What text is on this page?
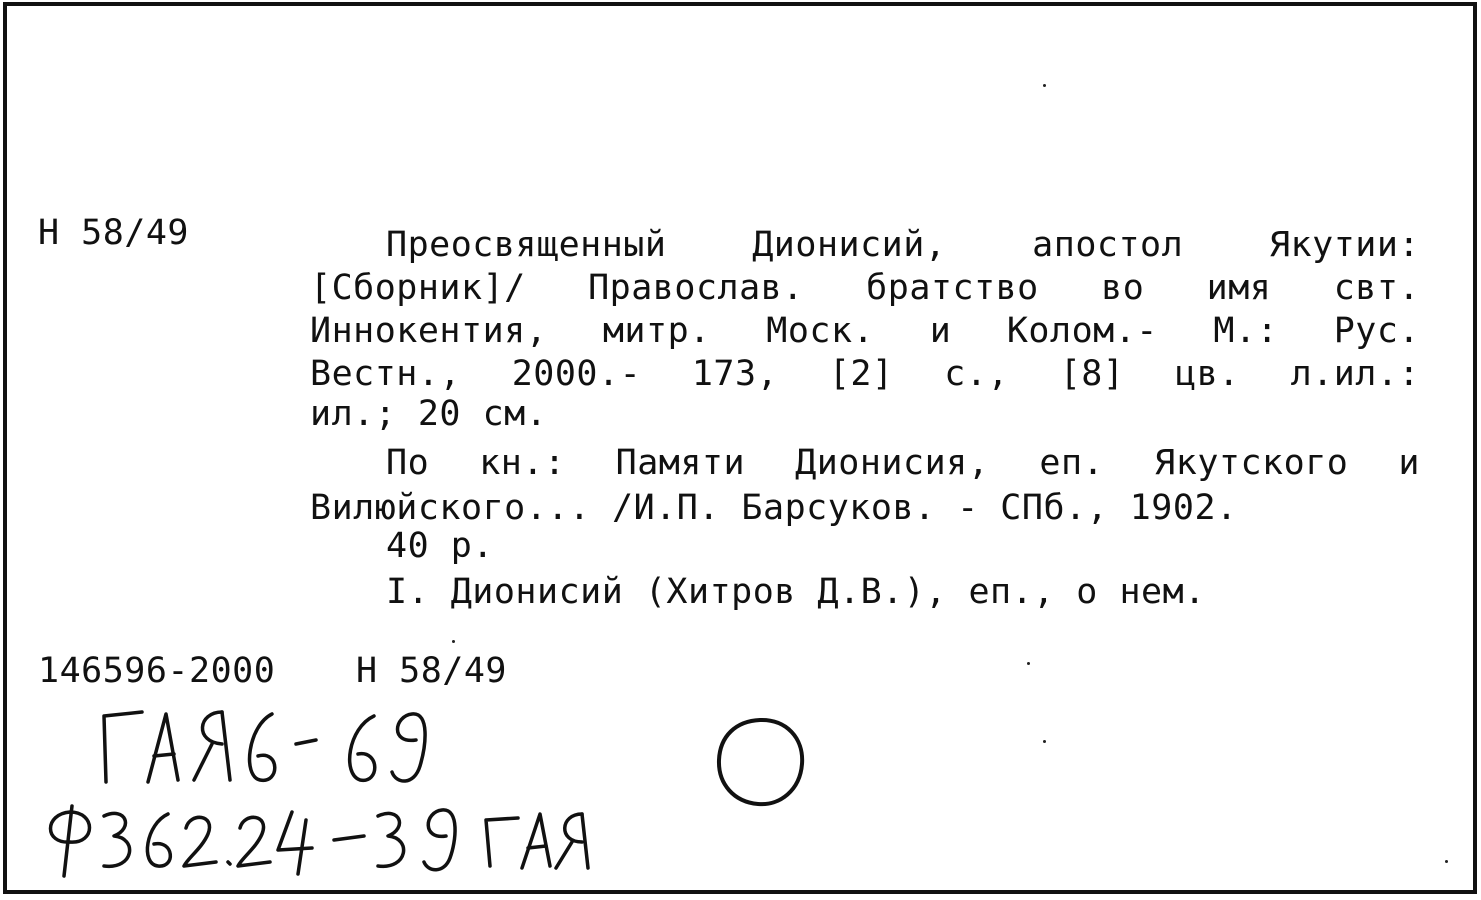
Н 58/49	Преосвященный Дионисий, апостол Якутии:
[Сборник]/ Православ. братство во имя свт.
Иннокентия, митр. Моск. и Колом.- М.: Рус.
Вестн., 2000.- 173, [2] с., [8] цв. л.ил.:
ил.; 20 см.
По кн.: Памяти Дионисия, еп. Якутского и
Вилюйского... /И.П. Барсуков. - СПб., 1902.
40 р.
I. Дионисий (Хитров Д.В.), еп., о нем.
146596-2000 Н 58/49
